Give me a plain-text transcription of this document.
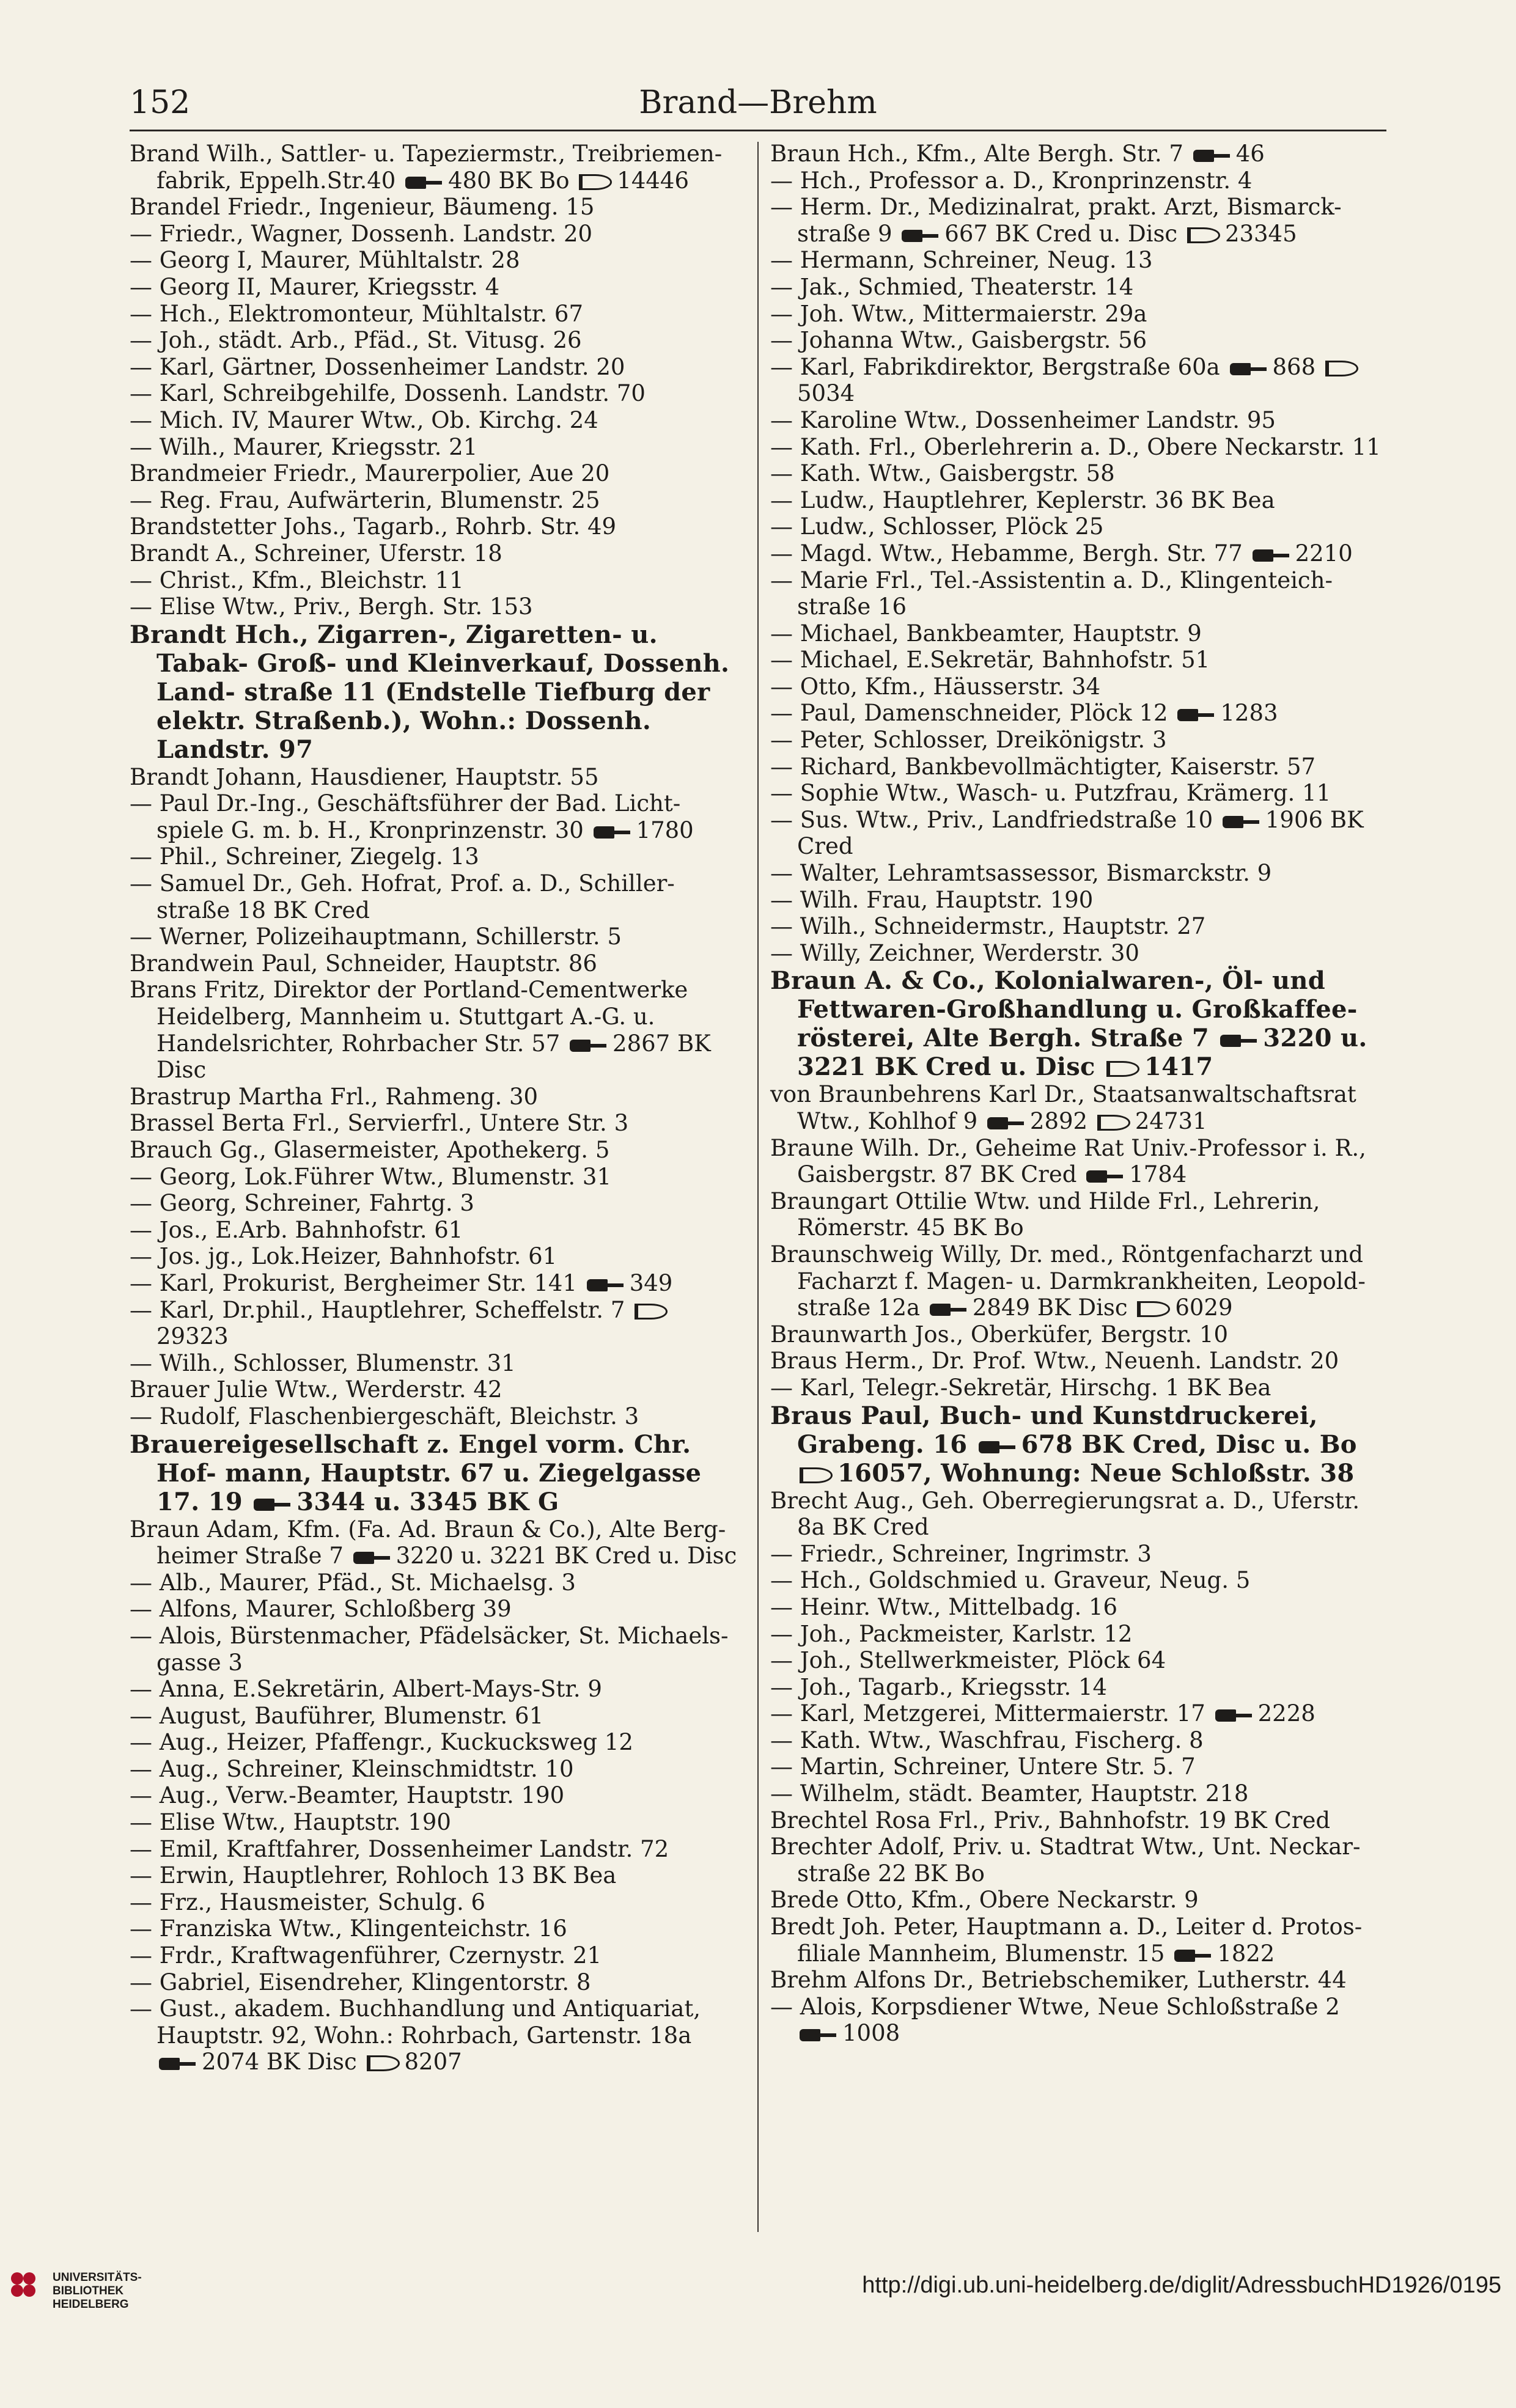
152	Brand—Brehm
Brand Wilh., Sattler- u. Tapeziermstr., Treibriemen- fabrik, Eppelh.Str.40 480 BK Bo 14446
Brandel Friedr., Ingenieur, Bäumeng. 15
— Friedr., Wagner, Dossenh. Landstr. 20
— Georg I, Maurer, Mühltalstr. 28
— Georg II, Maurer, Kriegsstr. 4
— Hch., Elektromonteur, Mühltalstr. 67
— Joh., städt. Arb., Pfäd., St. Vitusg. 26
— Karl, Gärtner, Dossenheimer Landstr. 20
— Karl, Schreibgehilfe, Dossenh. Landstr. 70
— Mich. IV, Maurer Wtw., Ob. Kirchg. 24
— Wilh., Maurer, Kriegsstr. 21
Brandmeier Friedr., Maurerpolier, Aue 20
— Reg. Frau, Aufwärterin, Blumenstr. 25
Brandstetter Johs., Tagarb., Rohrb. Str. 49
Brandt A., Schreiner, Uferstr. 18
— Christ., Kfm., Bleichstr. 11
— Elise Wtw., Priv., Bergh. Str. 153
Brandt Hch., Zigarren-, Zigaretten- u. Tabak- Groß- und Kleinverkauf, Dossenh. Land- straße 11 (Endstelle Tiefburg der elektr. Straßenb.), Wohn.: Dossenh. Landstr. 97
Brandt Johann, Hausdiener, Hauptstr. 55
— Paul Dr.-Ing., Geschäftsführer der Bad. Licht- spiele G. m. b. H., Kronprinzenstr. 30 1780
— Phil., Schreiner, Ziegelg. 13
— Samuel Dr., Geh. Hofrat, Prof. a. D., Schiller- straße 18 BK Cred
— Werner, Polizeihauptmann, Schillerstr. 5
Brandwein Paul, Schneider, Hauptstr. 86
Brans Fritz, Direktor der Portland-Cementwerke Heidelberg, Mannheim u. Stuttgart A.-G. u. Handelsrichter, Rohrbacher Str. 57 2867 BK Disc
Brastrup Martha Frl., Rahmeng. 30
Brassel Berta Frl., Servierfrl., Untere Str. 3
Brauch Gg., Glasermeister, Apothekerg. 5
— Georg, Lok.Führer Wtw., Blumenstr. 31
— Georg, Schreiner, Fahrtg. 3
— Jos., E.Arb. Bahnhofstr. 61
— Jos. jg., Lok.Heizer, Bahnhofstr. 61
— Karl, Prokurist, Bergheimer Str. 141 349
— Karl, Dr.phil., Hauptlehrer, Scheffelstr. 7 29323
— Wilh., Schlosser, Blumenstr. 31
Brauer Julie Wtw., Werderstr. 42
— Rudolf, Flaschenbiergeschäft, Bleichstr. 3
Brauereigesellschaft z. Engel vorm. Chr. Hof- mann, Hauptstr. 67 u. Ziegelgasse 17. 19 3344 u. 3345 BK G
Braun Adam, Kfm. (Fa. Ad. Braun & Co.), Alte Berg- heimer Straße 7 3220 u. 3221 BK Cred u. Disc
— Alb., Maurer, Pfäd., St. Michaelsg. 3
— Alfons, Maurer, Schloßberg 39
— Alois, Bürstenmacher, Pfädelsäcker, St. Michaels- gasse 3
— Anna, E.Sekretärin, Albert-Mays-Str. 9
— August, Bauführer, Blumenstr. 61
— Aug., Heizer, Pfaffengr., Kuckucksweg 12
— Aug., Schreiner, Kleinschmidtstr. 10
— Aug., Verw.-Beamter, Hauptstr. 190
— Elise Wtw., Hauptstr. 190
— Emil, Kraftfahrer, Dossenheimer Landstr. 72
— Erwin, Hauptlehrer, Rohloch 13 BK Bea
— Frz., Hausmeister, Schulg. 6
— Franziska Wtw., Klingenteichstr. 16
— Frdr., Kraftwagenführer, Czernystr. 21
— Gabriel, Eisendreher, Klingentorstr. 8
— Gust., akadem. Buchhandlung und Antiquariat, Hauptstr. 92, Wohn.: Rohrbach, Gartenstr. 18a 2074 BK Disc 8207
Braun Hch., Kfm., Alte Bergh. Str. 7 46
— Hch., Professor a. D., Kronprinzenstr. 4
— Herm. Dr., Medizinalrat, prakt. Arzt, Bismarck- straße 9 667 BK Cred u. Disc 23345
— Hermann, Schreiner, Neug. 13
— Jak., Schmied, Theaterstr. 14
— Joh. Wtw., Mittermaierstr. 29a
— Johanna Wtw., Gaisbergstr. 56
— Karl, Fabrikdirektor, Bergstraße 60a 868 5034
— Karoline Wtw., Dossenheimer Landstr. 95
— Kath. Frl., Oberlehrerin a. D., Obere Neckarstr. 11
— Kath. Wtw., Gaisbergstr. 58
— Ludw., Hauptlehrer, Keplerstr. 36 BK Bea
— Ludw., Schlosser, Plöck 25
— Magd. Wtw., Hebamme, Bergh. Str. 77 2210
— Marie Frl., Tel.-Assistentin a. D., Klingenteich- straße 16
— Michael, Bankbeamter, Hauptstr. 9
— Michael, E.Sekretär, Bahnhofstr. 51
— Otto, Kfm., Häusserstr. 34
— Paul, Damenschneider, Plöck 12 1283
— Peter, Schlosser, Dreikönigstr. 3
— Richard, Bankbevollmächtigter, Kaiserstr. 57
— Sophie Wtw., Wasch- u. Putzfrau, Krämerg. 11
— Sus. Wtw., Priv., Landfriedstraße 10 1906 BK Cred
— Walter, Lehramtsassessor, Bismarckstr. 9
— Wilh. Frau, Hauptstr. 190
— Wilh., Schneidermstr., Hauptstr. 27
— Willy, Zeichner, Werderstr. 30
Braun A. & Co., Kolonialwaren-, Öl- und Fettwaren-Großhandlung u. Großkaffee- rösterei, Alte Bergh. Straße 7 3220 u. 3221 BK Cred u. Disc 1417
von Braunbehrens Karl Dr., Staatsanwaltschaftsrat Wtw., Kohlhof 9 2892 24731
Braune Wilh. Dr., Geheime Rat Univ.-Professor i. R., Gaisbergstr. 87 BK Cred 1784
Braungart Ottilie Wtw. und Hilde Frl., Lehrerin, Römerstr. 45 BK Bo
Braunschweig Willy, Dr. med., Röntgenfacharzt und Facharzt f. Magen- u. Darmkrankheiten, Leopold- straße 12a 2849 BK Disc 6029
Braunwarth Jos., Oberküfer, Bergstr. 10
Braus Herm., Dr. Prof. Wtw., Neuenh. Landstr. 20
— Karl, Telegr.-Sekretär, Hirschg. 1 BK Bea
Braus Paul, Buch- und Kunstdruckerei, Grabeng. 16 678 BK Cred, Disc u. Bo 16057, Wohnung: Neue Schloßstr. 38
Brecht Aug., Geh. Oberregierungsrat a. D., Uferstr. 8a BK Cred
— Friedr., Schreiner, Ingrimstr. 3
— Hch., Goldschmied u. Graveur, Neug. 5
— Heinr. Wtw., Mittelbadg. 16
— Joh., Packmeister, Karlstr. 12
— Joh., Stellwerkmeister, Plöck 64
— Joh., Tagarb., Kriegsstr. 14
— Karl, Metzgerei, Mittermaierstr. 17 2228
— Kath. Wtw., Waschfrau, Fischerg. 8
— Martin, Schreiner, Untere Str. 5. 7
— Wilhelm, städt. Beamter, Hauptstr. 218
Brechtel Rosa Frl., Priv., Bahnhofstr. 19 BK Cred
Brechter Adolf, Priv. u. Stadtrat Wtw., Unt. Neckar- straße 22 BK Bo
Brede Otto, Kfm., Obere Neckarstr. 9
Bredt Joh. Peter, Hauptmann a. D., Leiter d. Protos- filiale Mannheim, Blumenstr. 15 1822
Brehm Alfons Dr., Betriebschemiker, Lutherstr. 44
— Alois, Korpsdiener Wtwe, Neue Schloßstraße 2 1008
UNIVERSITÄTS-
BIBLIOTHEK
HEIDELBERG
http://digi.ub.uni-heidelberg.de/diglit/AdressbuchHD1926/0195
